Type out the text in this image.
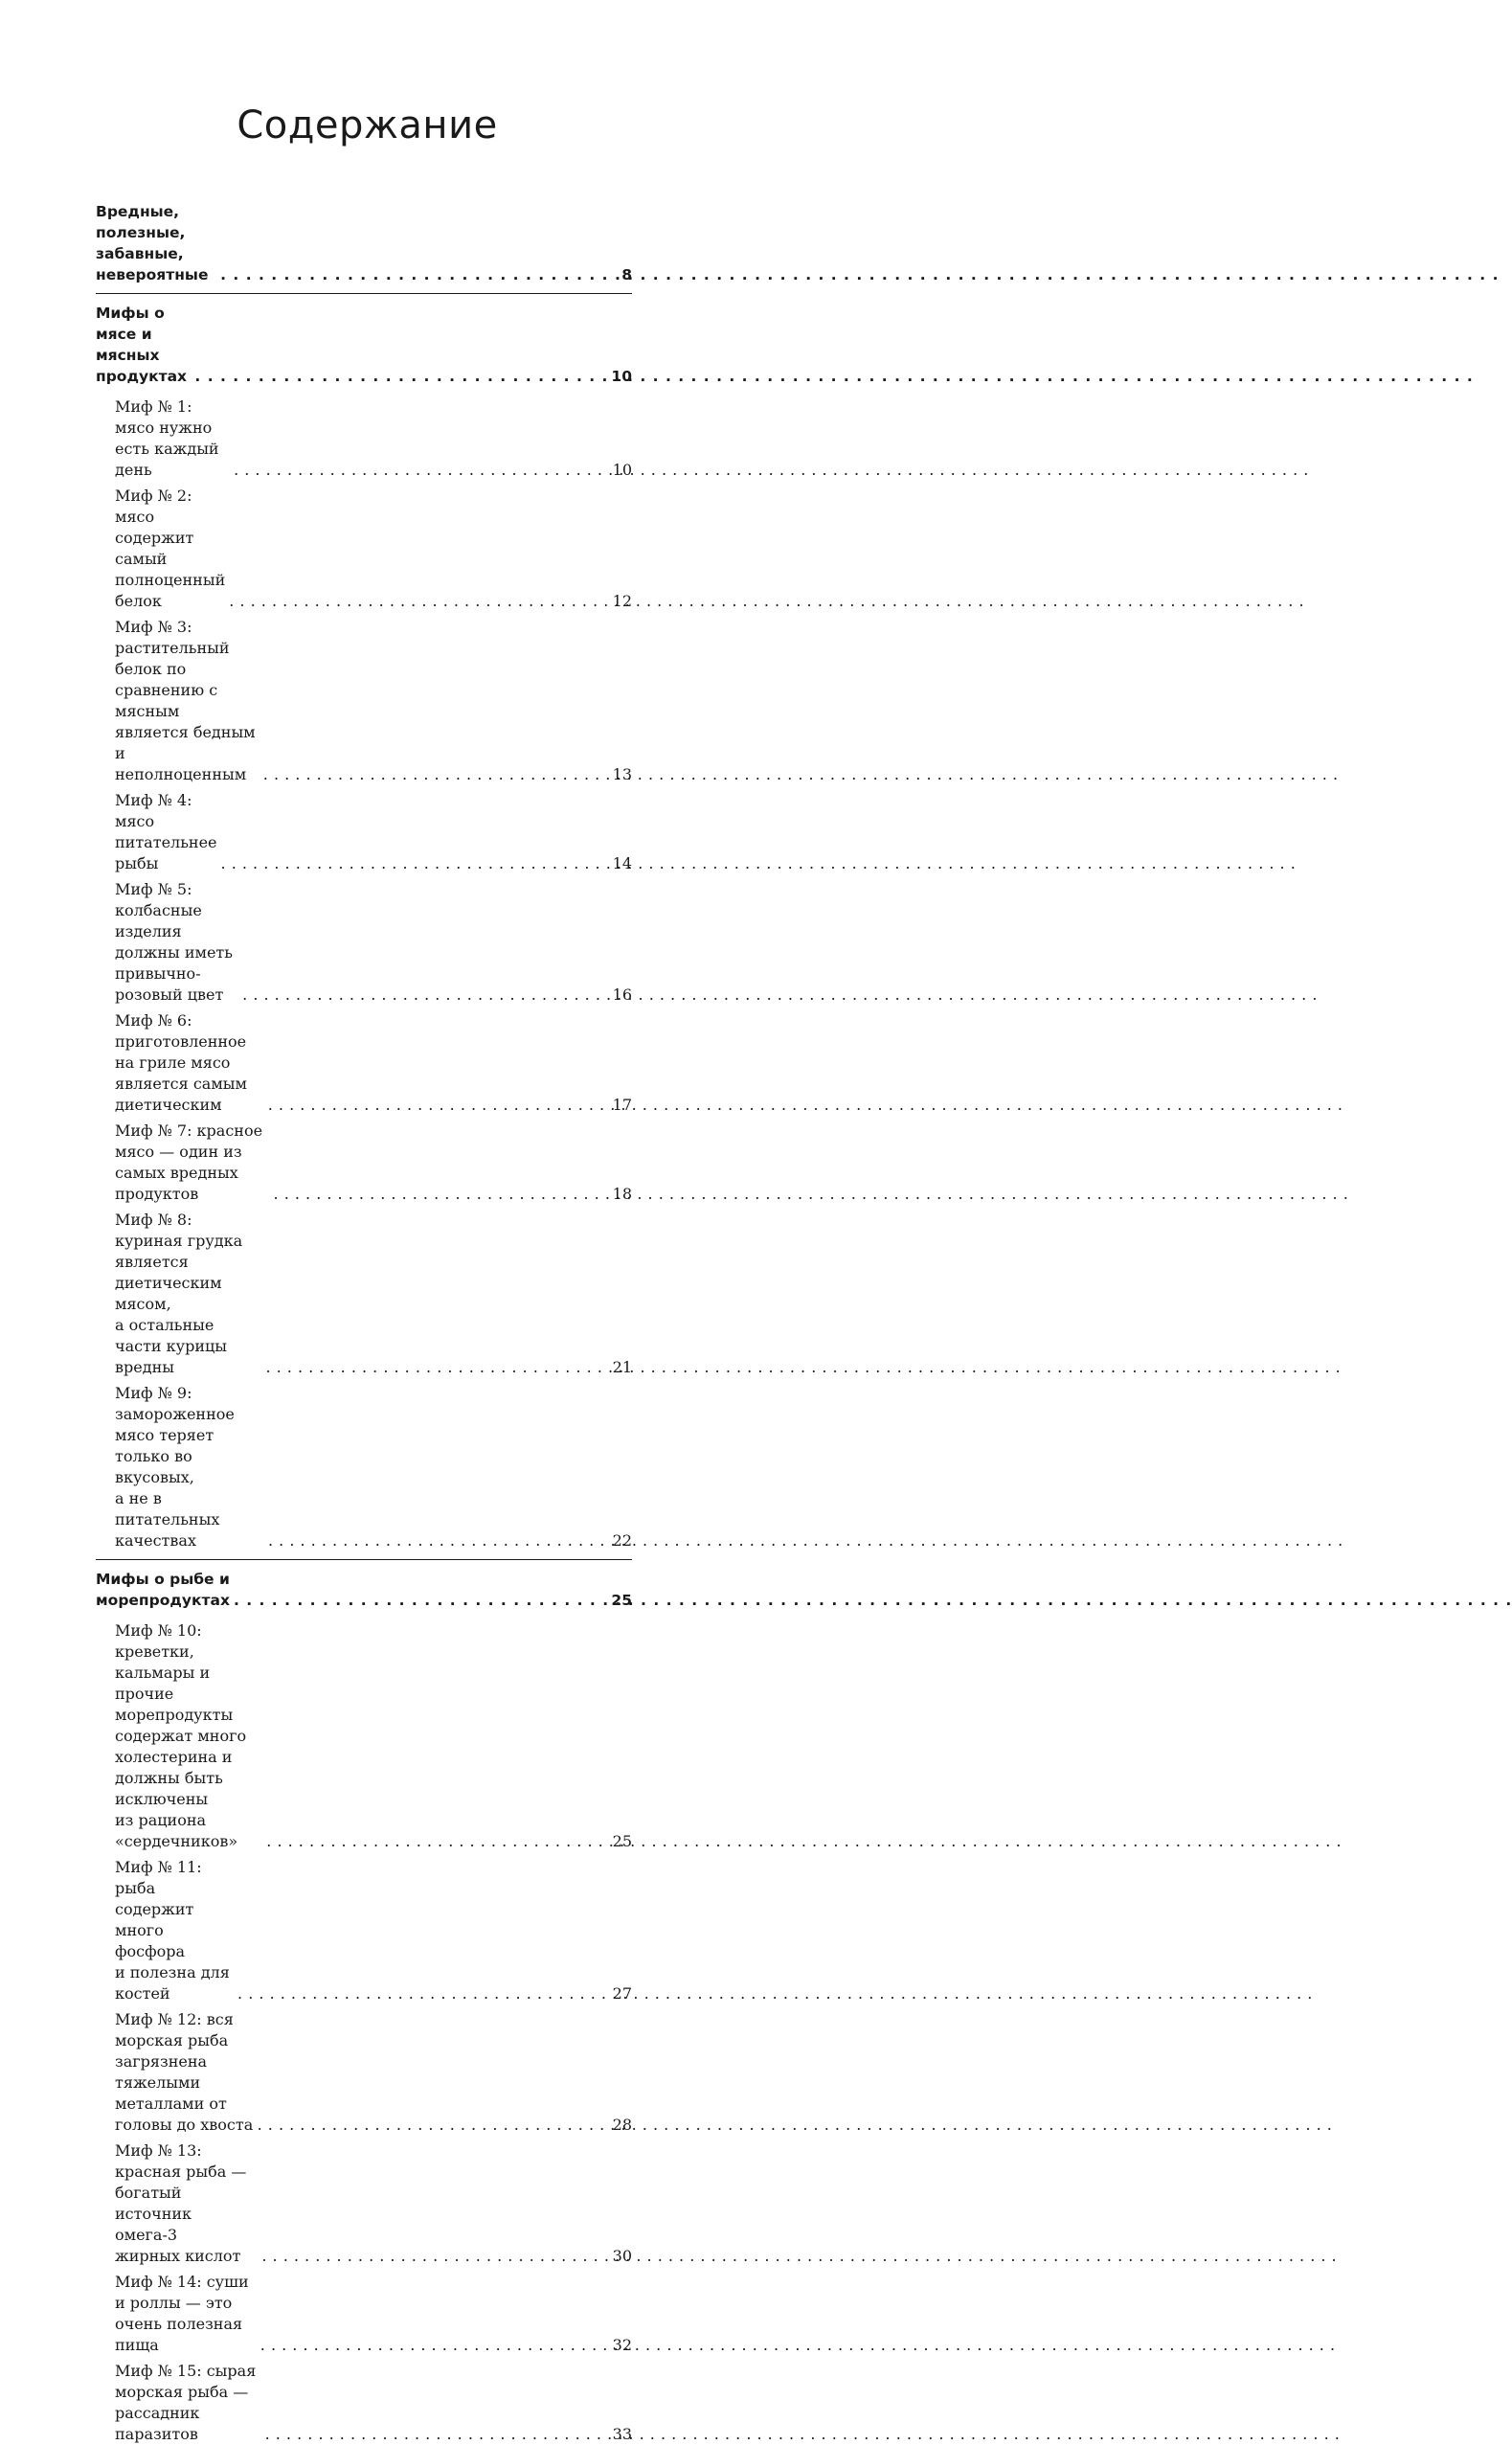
Содержание
Вредные, полезные, забавные, невероятные . . .	8
Мифы о мясе и мясных продуктах . . .	10
Миф № 1: мясо нужно есть каждый день . . .	10
Миф № 2: мясо содержит самый
полноценный белок . . .	12
Миф № 3: растительный белок по сравнению с мясным
является бедным и неполноценным . . .	13
Миф № 4: мясо питательнее рыбы . . .	14
Миф № 5: колбасные изделия должны иметь
привычно-розовый цвет . . .	16
Миф № 6: приготовленное на гриле мясо является самым
диетическим . . .	17
Миф № 7: красное мясо — один из самых вредных продуктов . . .	18
Миф № 8: куриная грудка является диетическим мясом,
а остальные части курицы вредны . . .	21
Миф № 9: замороженное мясо теряет только во вкусовых,
а не в питательных качествах . . .	22
Мифы о рыбе и морепродуктах . . .	25
Миф № 10: креветки, кальмары и прочие морепродукты
содержат много холестерина и должны быть исключены
из рациона «сердечников» . . .	25
Миф № 11: рыба содержит много фосфора
и полезна для костей . . .	27
Миф № 12: вся морская рыба загрязнена тяжелыми
металлами от головы до хвоста . . .	28
Миф № 13: красная рыба — богатый источник омега-3
жирных кислот . . .	30
Миф № 14: суши и роллы — это очень полезная пища . . .	32
Миф № 15: сырая морская рыба — рассадник паразитов . . .	33
